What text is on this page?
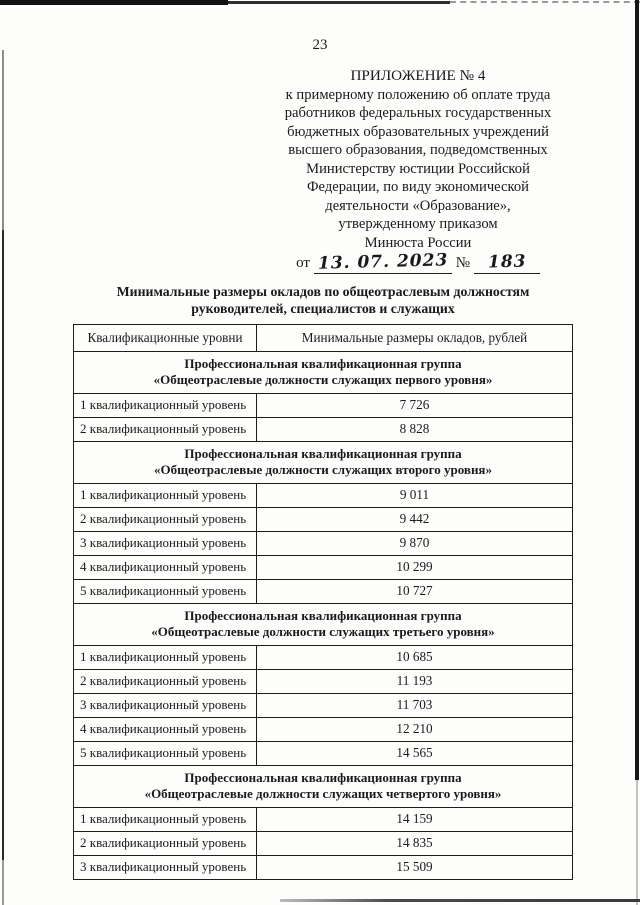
23
ПРИЛОЖЕНИЕ № 4
к примерному положению об оплате труда
работников федеральных государственных
бюджетных образовательных учреждений
высшего образования, подведомственных
Министерству юстиции Российской
Федерации, по виду экономической
деятельности «Образование»,
утвержденному приказом
Минюста России
от 13. 07. 2023 № 183
Минимальные размеры окладов по общеотраслевым должностям
руководителей, специалистов и служащих
Квалификационные уровни	Минимальные размеры окладов, рублей

Профессиональная квалификационная группа
«Общеотраслевые должности служащих первого уровня»	

1 квалификационный уровень	7 726
2 квалификационный уровень	8 828

Профессиональная квалификационная группа
«Общеотраслевые должности служащих второго уровня»	

1 квалификационный уровень	9 011
2 квалификационный уровень	9 442
3 квалификационный уровень	9 870
4 квалификационный уровень	10 299
5 квалификационный уровень	10 727

Профессиональная квалификационная группа
«Общеотраслевые должности служащих третьего уровня»	

1 квалификационный уровень	10 685
2 квалификационный уровень	11 193
3 квалификационный уровень	11 703
4 квалификационный уровень	12 210
5 квалификационный уровень	14 565

Профессиональная квалификационная группа
«Общеотраслевые должности служащих четвертого уровня»	

1 квалификационный уровень	14 159
2 квалификационный уровень	14 835
3 квалификационный уровень	15 509
